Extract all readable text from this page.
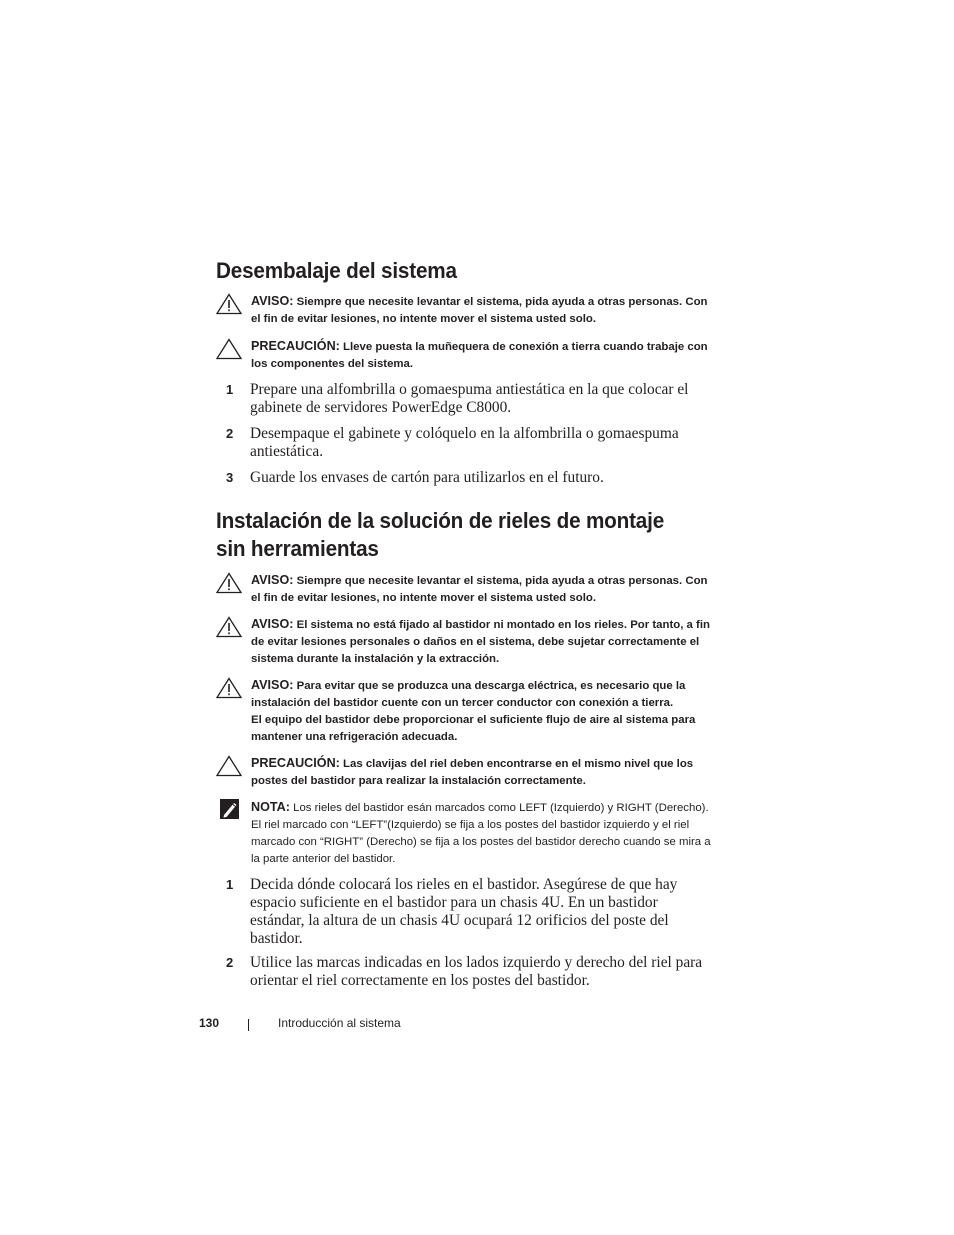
Desembalaje del sistema
AVISO: Siempre que necesite levantar el sistema, pida ayuda a otras personas. Con el fin de evitar lesiones, no intente mover el sistema usted solo.
PRECAUCIÓN: Lleve puesta la muñequera de conexión a tierra cuando trabaje con los componentes del sistema.
1 Prepare una alfombrilla o gomaespuma antiestática en la que colocar el gabinete de servidores PowerEdge C8000.
2 Desempaque el gabinete y colóquelo en la alfombrilla o gomaespuma antiestática.
3 Guarde los envases de cartón para utilizarlos en el futuro.
Instalación de la solución de rieles de montaje sin herramientas
AVISO: Siempre que necesite levantar el sistema, pida ayuda a otras personas. Con el fin de evitar lesiones, no intente mover el sistema usted solo.
AVISO: El sistema no está fijado al bastidor ni montado en los rieles. Por tanto, a fin de evitar lesiones personales o daños en el sistema, debe sujetar correctamente el sistema durante la instalación y la extracción.
AVISO: Para evitar que se produzca una descarga eléctrica, es necesario que la instalación del bastidor cuente con un tercer conductor con conexión a tierra.
El equipo del bastidor debe proporcionar el suficiente flujo de aire al sistema para mantener una refrigeración adecuada.
PRECAUCIÓN: Las clavijas del riel deben encontrarse en el mismo nivel que los postes del bastidor para realizar la instalación correctamente.
NOTA: Los rieles del bastidor esán marcados como LEFT (Izquierdo) y RIGHT (Derecho). El riel marcado con “LEFT”(Izquierdo) se fija a los postes del bastidor izquierdo y el riel marcado con “RIGHT” (Derecho) se fija a los postes del bastidor derecho cuando se mira a la parte anterior del bastidor.
1 Decida dónde colocará los rieles en el bastidor. Asegúrese de que hay espacio suficiente en el bastidor para un chasis 4U. En un bastidor estándar, la altura de un chasis 4U ocupará 12 orificios del poste del bastidor.
2 Utilice las marcas indicadas en los lados izquierdo y derecho del riel para orientar el riel correctamente en los postes del bastidor.
130	Introducción al sistema
